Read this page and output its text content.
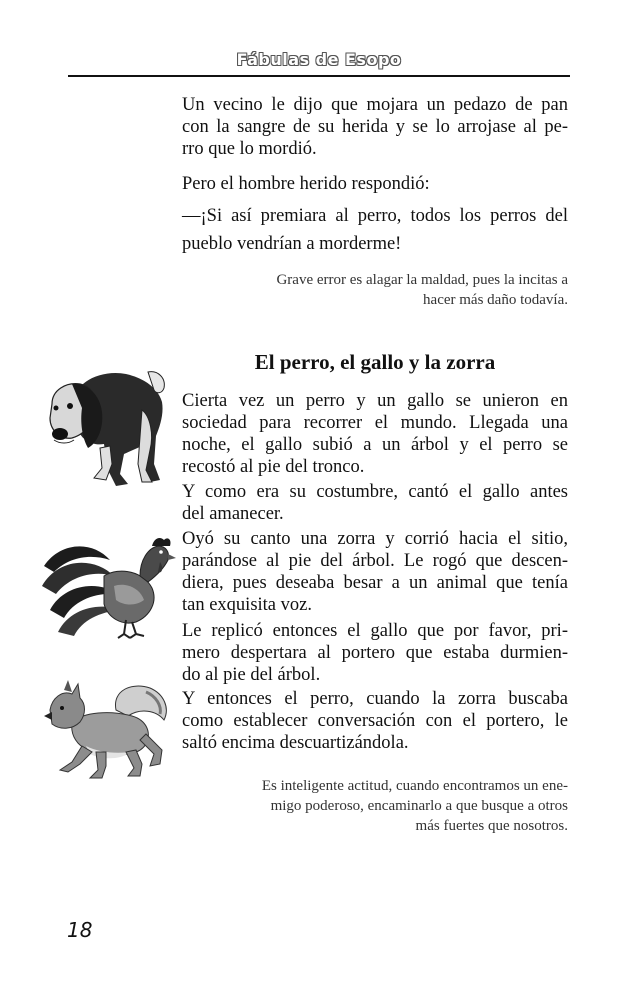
Fábulas de Esopo

Un vecino le dijo que mojara un pedazo de pan
con la sangre de su herida y se lo arrojase al pe-
rro que lo mordió.

Pero el hombre herido respondió:

—¡Si así premiara al perro, todos los perros del
pueblo vendrían a morderme!

Grave error es alagar la maldad, pues la incitas a
hacer más daño todavía.

El perro, el gallo y la zorra

Cierta vez un perro y un gallo se unieron en
sociedad para recorrer el mundo. Llegada una
noche, el gallo subió a un árbol y el perro se
recostó al pie del tronco.

Y como era su costumbre, cantó el gallo antes
del amanecer.

Oyó su canto una zorra y corrió hacia el sitio,
parándose al pie del árbol. Le rogó que descen-
diera, pues deseaba besar a un animal que tenía
tan exquisita voz.

Le replicó entonces el gallo que por favor, pri-
mero despertara al portero que estaba durmien-
do al pie del árbol.

Y entonces el perro, cuando la zorra buscaba
como establecer conversación con el portero, le
saltó encima descuartizándola.

Es inteligente actitud, cuando encontramos un ene-
migo poderoso, encaminarlo a que busque a otros
más fuertes que nosotros.

18
